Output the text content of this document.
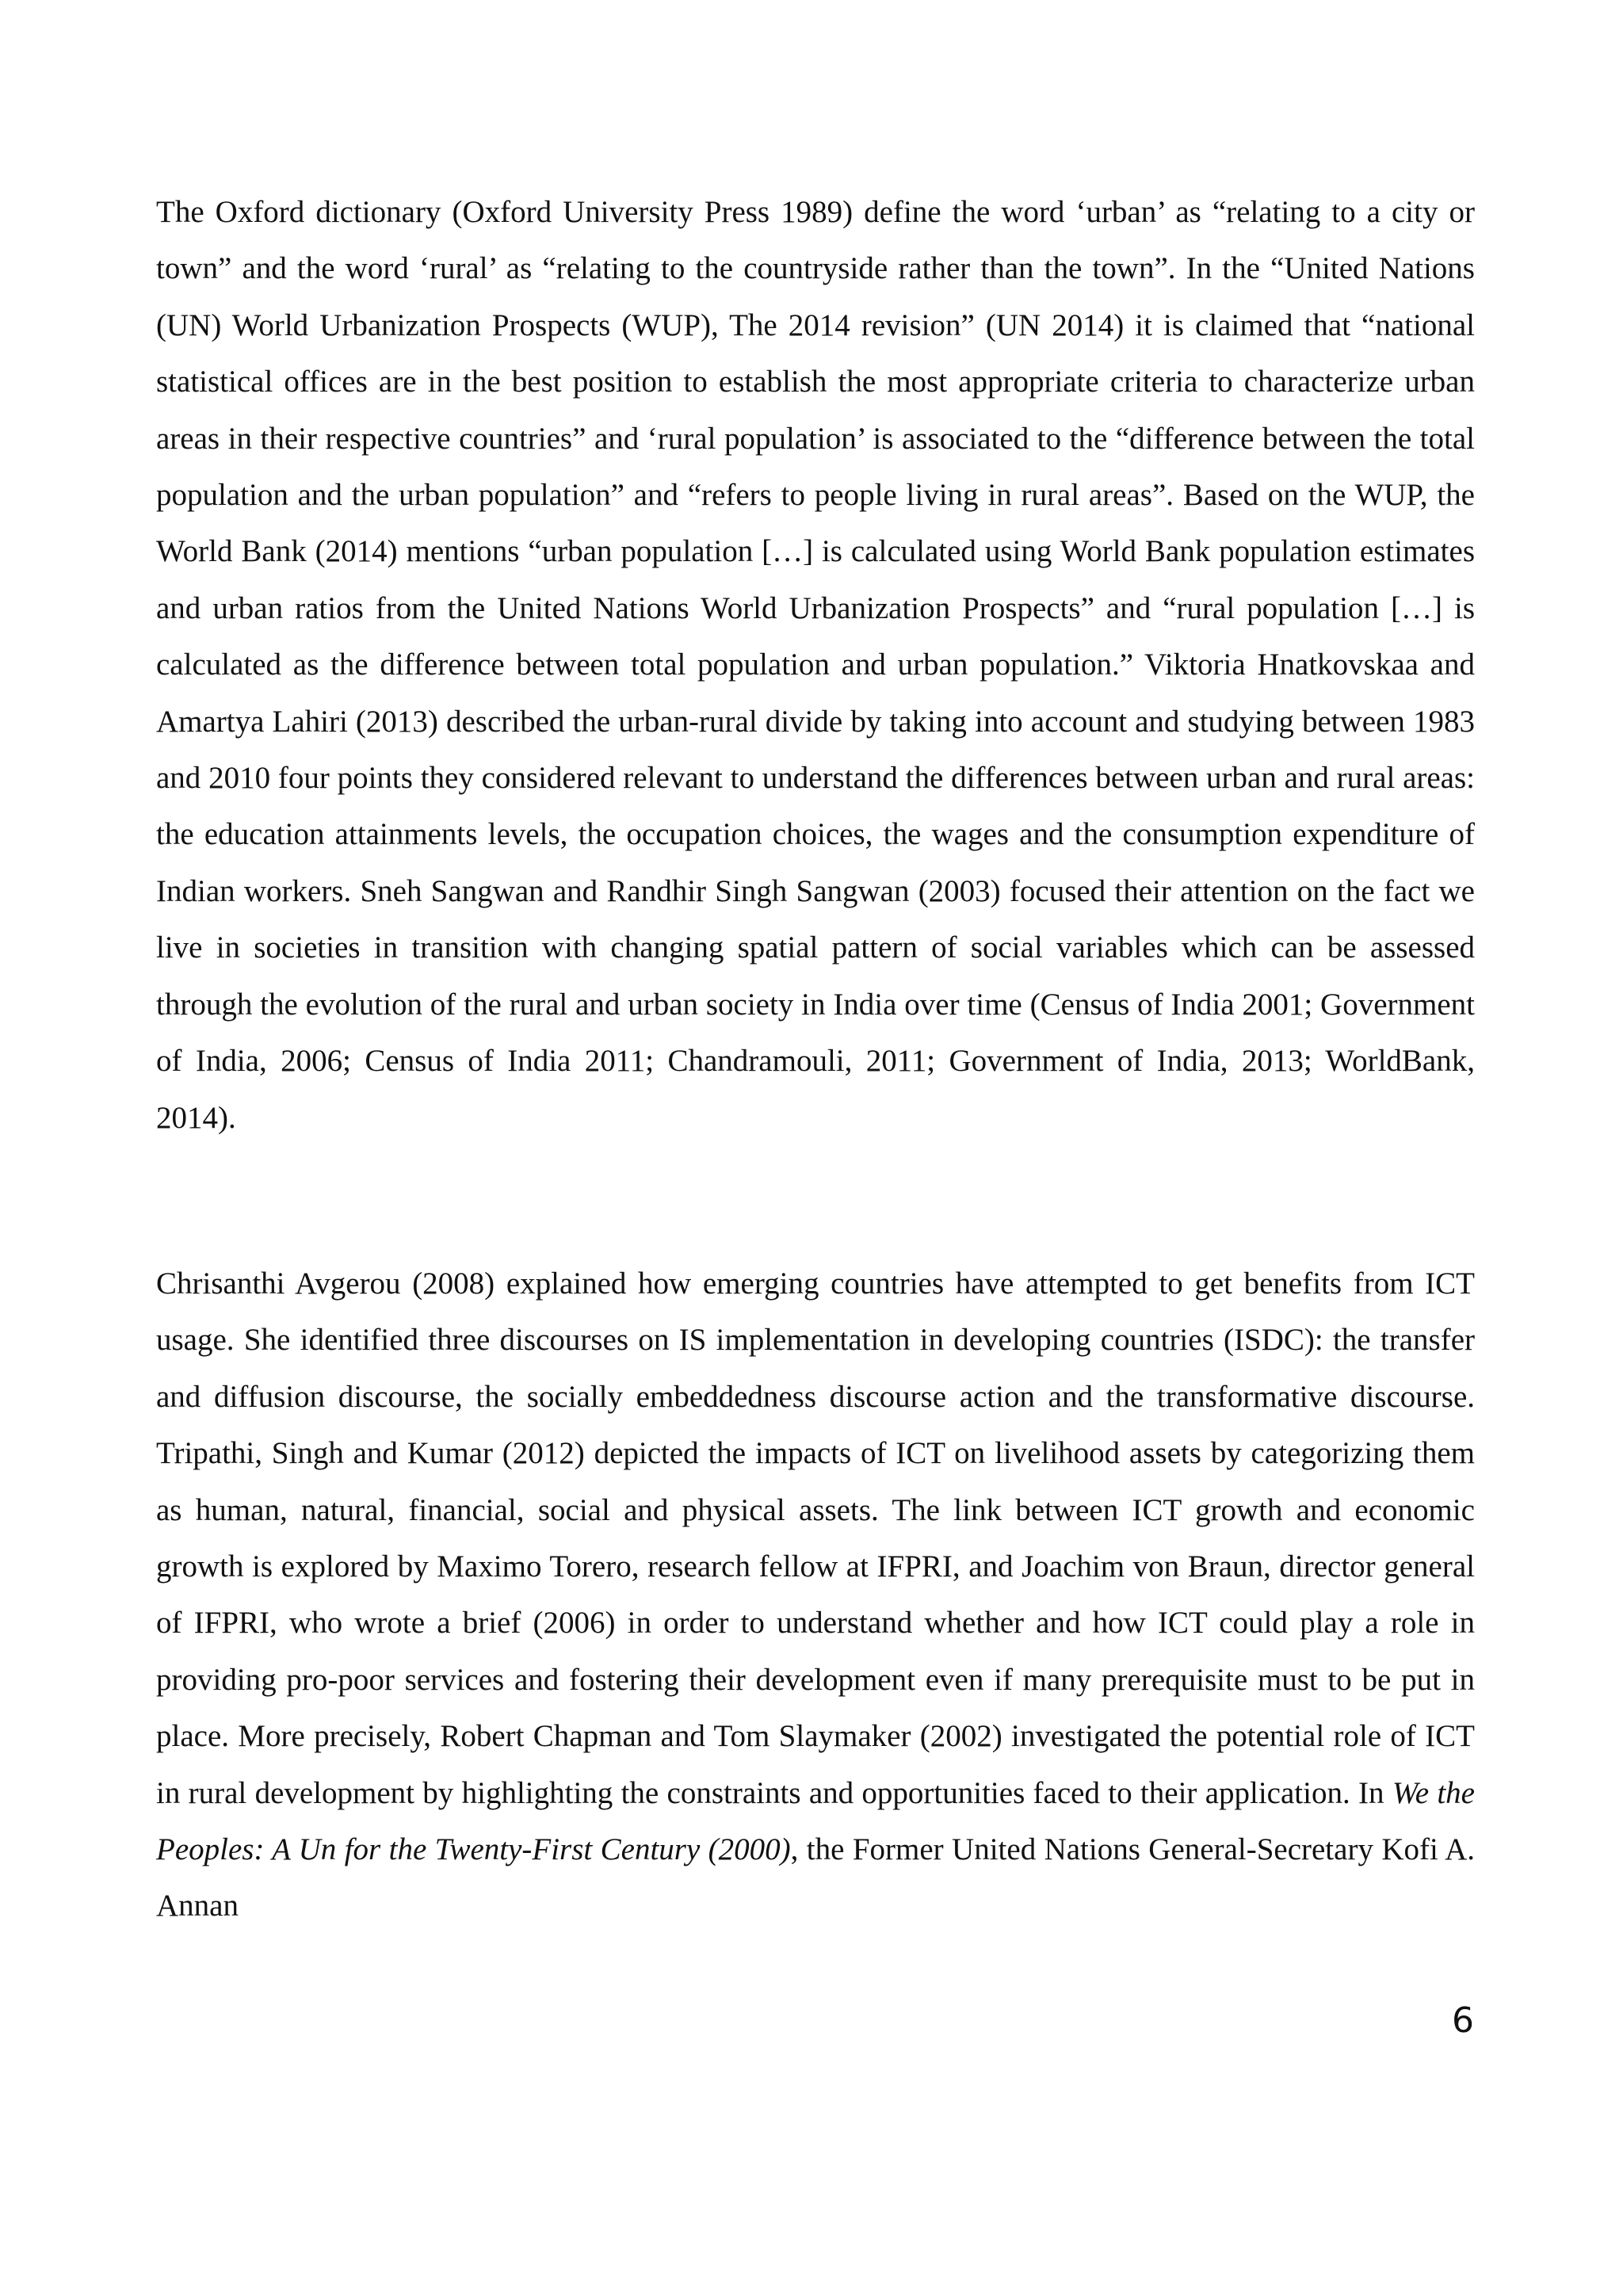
The Oxford dictionary (Oxford University Press 1989) define the word ‘urban’ as “relating to a city or town” and the word ‘rural’ as “relating to the countryside rather than the town”. In the “United Nations (UN) World Urbanization Prospects (WUP), The 2014 revision” (UN 2014) it is claimed that “national statistical offices are in the best position to establish the most appropriate criteria to characterize urban areas in their respective countries” and ‘rural population’ is associated to the “difference between the total population and the urban population” and “refers to people living in rural areas”. Based on the WUP, the World Bank (2014) mentions “urban population […] is calculated using World Bank population estimates and urban ratios from the United Nations World Urbanization Prospects” and “rural population […] is calculated as the difference between total population and urban population.” Viktoria Hnatkovskaa and Amartya Lahiri (2013) described the urban-rural divide by taking into account and studying between 1983 and 2010 four points they considered relevant to understand the differences between urban and rural areas: the education attainments levels, the occupation choices, the wages and the consumption expenditure of Indian workers. Sneh Sangwan and Randhir Singh Sangwan (2003) focused their attention on the fact we live in societies in transition with changing spatial pattern of social variables which can be assessed through the evolution of the rural and urban society in India over time (Census of India 2001; Government of India, 2006; Census of India 2011; Chandramouli, 2011; Government of India, 2013; WorldBank, 2014).

Chrisanthi Avgerou (2008) explained how emerging countries have attempted to get benefits from ICT usage. She identified three discourses on IS implementation in developing countries (ISDC): the transfer and diffusion discourse, the socially embeddedness discourse action and the transformative discourse. Tripathi, Singh and Kumar (2012) depicted the impacts of ICT on livelihood assets by categorizing them as human, natural, financial, social and physical assets. The link between ICT growth and economic growth is explored by Maximo Torero, research fellow at IFPRI, and Joachim von Braun, director general of IFPRI, who wrote a brief (2006) in order to understand whether and how ICT could play a role in providing pro-poor services and fostering their development even if many prerequisite must to be put in place. More precisely, Robert Chapman and Tom Slaymaker (2002) investigated the potential role of ICT in rural development by highlighting the constraints and opportunities faced to their application. In We the Peoples: A Un for the Twenty-First Century (2000), the Former United Nations General-Secretary Kofi A. Annan

6
